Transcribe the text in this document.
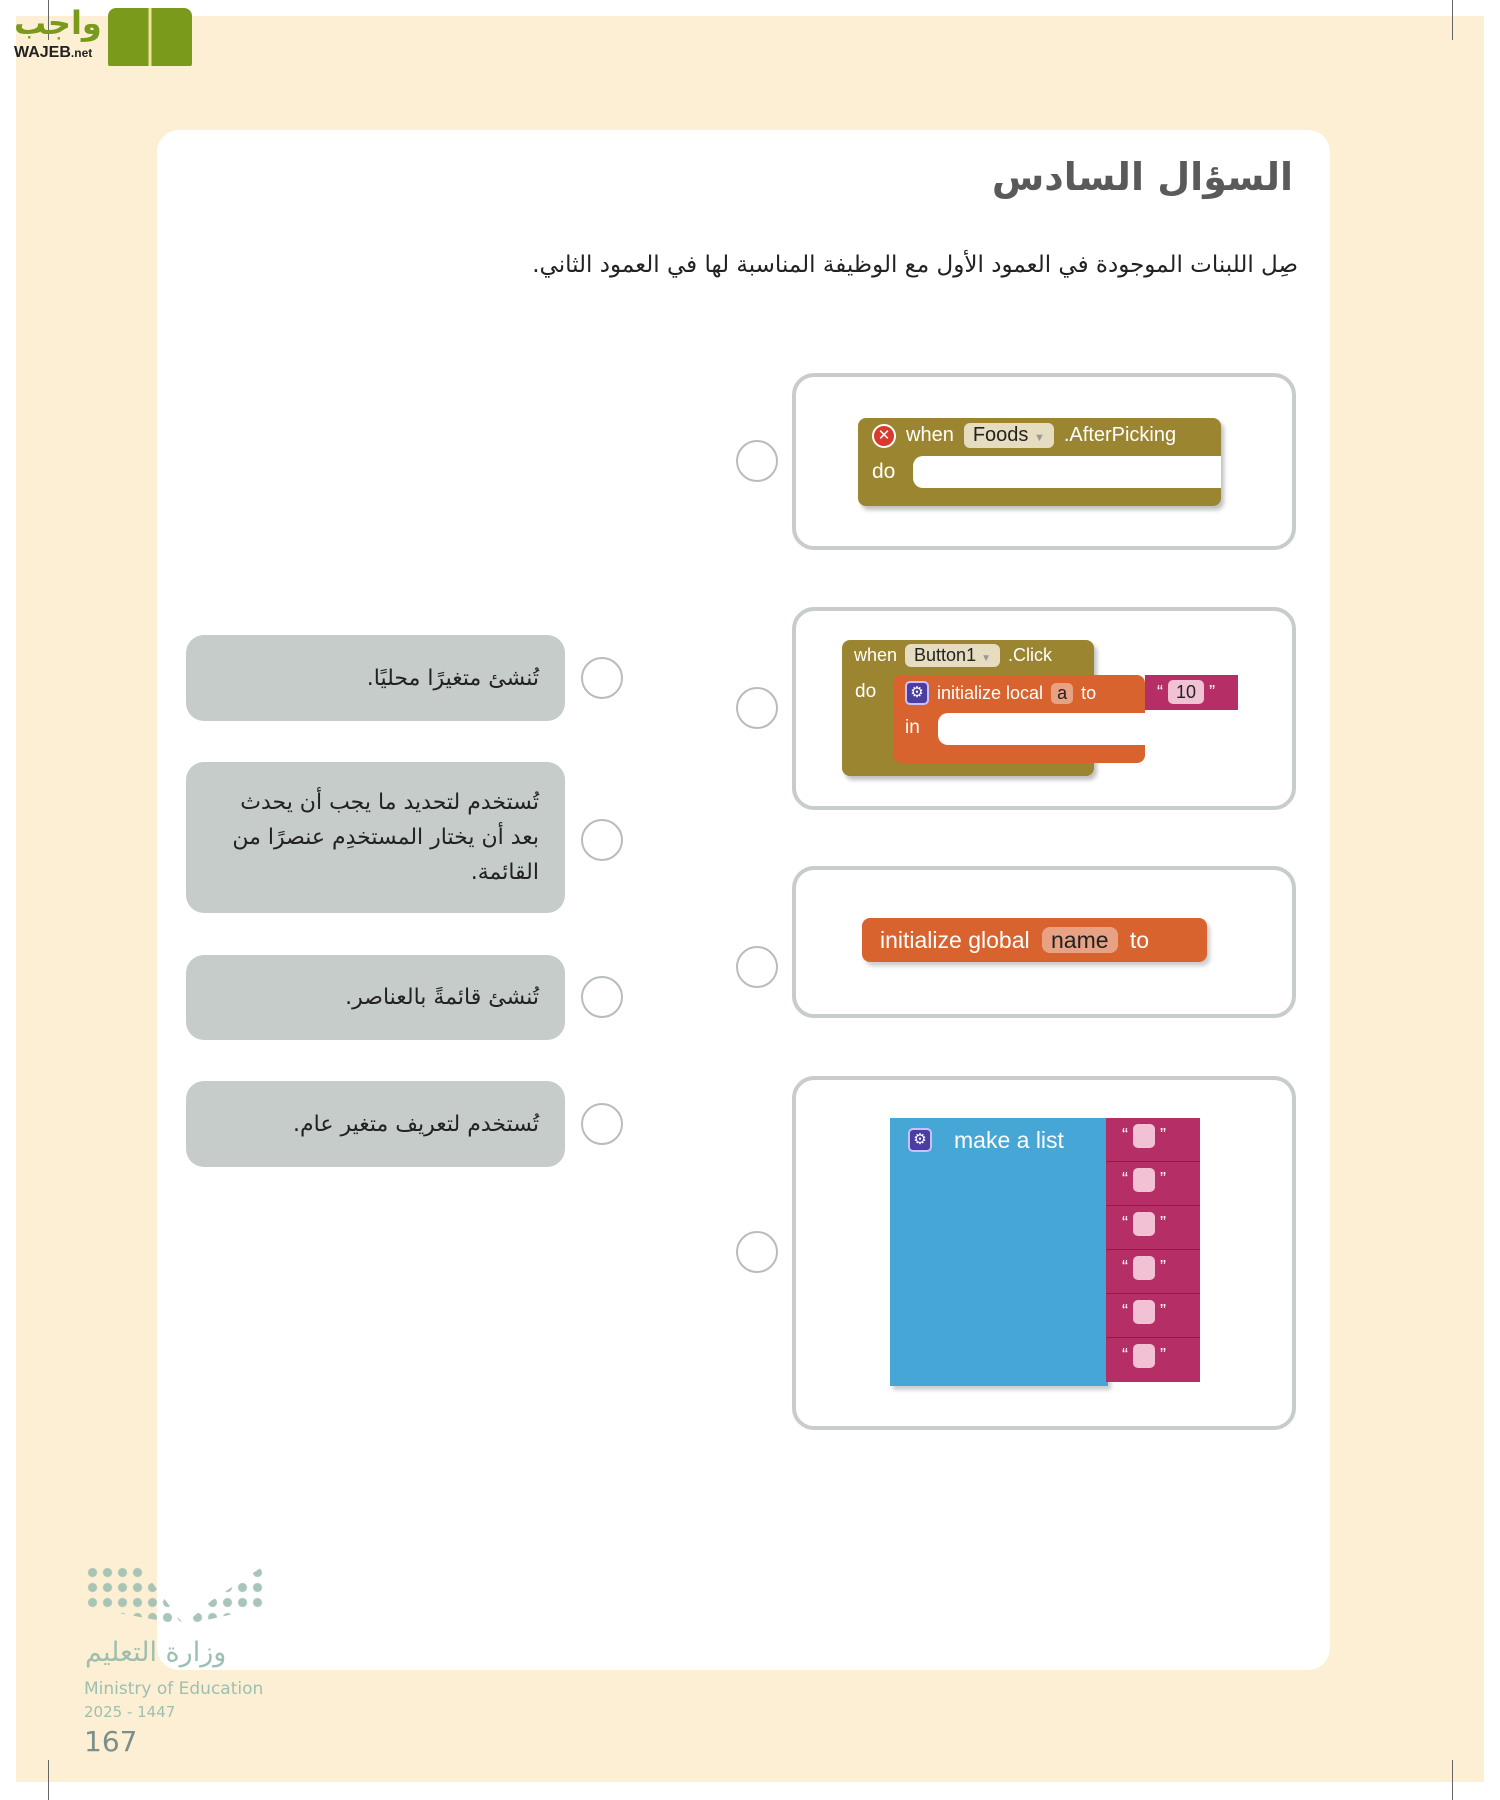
واجب
WAJEB.net
السؤال السادس
صِل اللبنات الموجودة في العمود الأول مع الوظيفة المناسبة لها في العمود الثاني.
✕ when Foods ▼ .AfterPicking
do
when Button1 ▼ .Click
do	⚙ initialize local a to
in
“ 10 ”
initialize global name to
⚙ make a list	“ ”
“ ”
“ ”
“ ”
“ ”
“ ”
تُنشئ متغيرًا محليًا.
تُستخدم لتحديد ما يجب أن يحدث بعد أن يختار المستخدِم عنصرًا من القائمة.
تُنشئ قائمةً بالعناصر.
تُستخدم لتعريف متغير عام.
وزارة التعليم
Ministry of Education
2025 - 1447
167
